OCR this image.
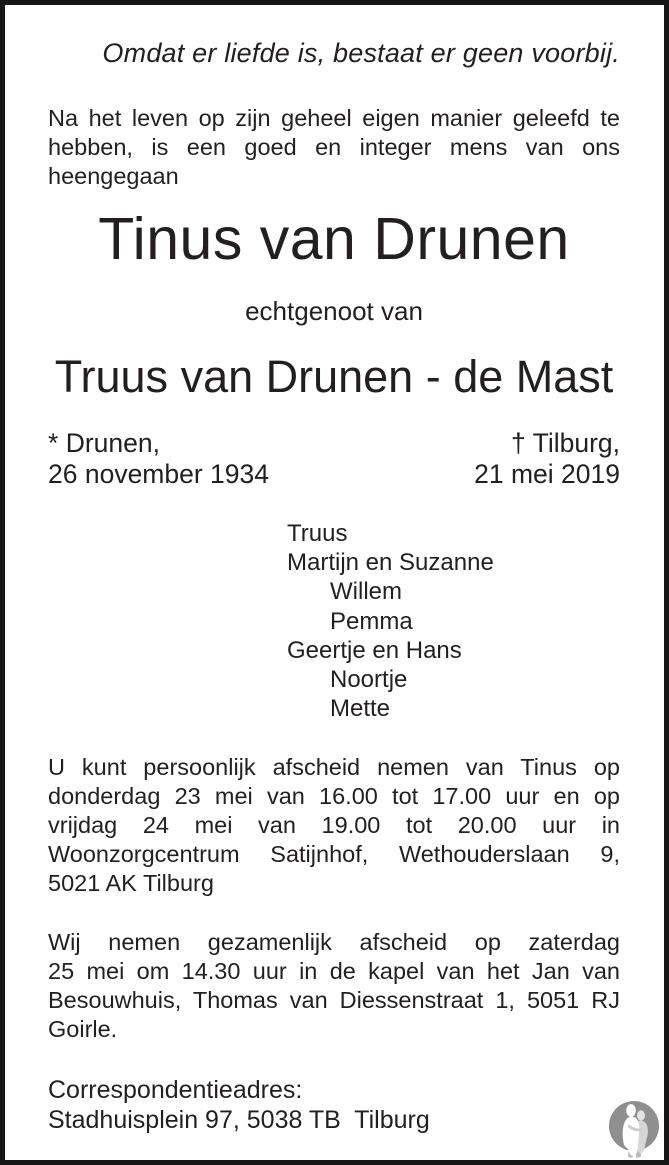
Omdat er liefde is, bestaat er geen voorbij.
Na het leven op zijn geheel eigen manier geleefd te
hebben, is een goed en integer mens van ons
heengegaan
Tinus van Drunen
echtgenoot van
Truus van Drunen - de Mast
* Drunen,
26 november 1934
† Tilburg,
21 mei 2019
Truus
Martijn en Suzanne
Willem
Pemma
Geertje en Hans
Noortje
Mette
U kunt persoonlijk afscheid nemen van Tinus op
donderdag 23 mei van 16.00 tot 17.00 uur en op
vrijdag 24 mei van 19.00 tot 20.00 uur in
Woonzorgcentrum Satijnhof, Wethouderslaan 9,
5021 AK Tilburg
Wij nemen gezamenlijk afscheid op zaterdag
25 mei om 14.30 uur in de kapel van het Jan van
Besouwhuis, Thomas van Diessenstraat 1, 5051 RJ
Goirle.
Correspondentieadres:
Stadhuisplein 97, 5038 TB  Tilburg
